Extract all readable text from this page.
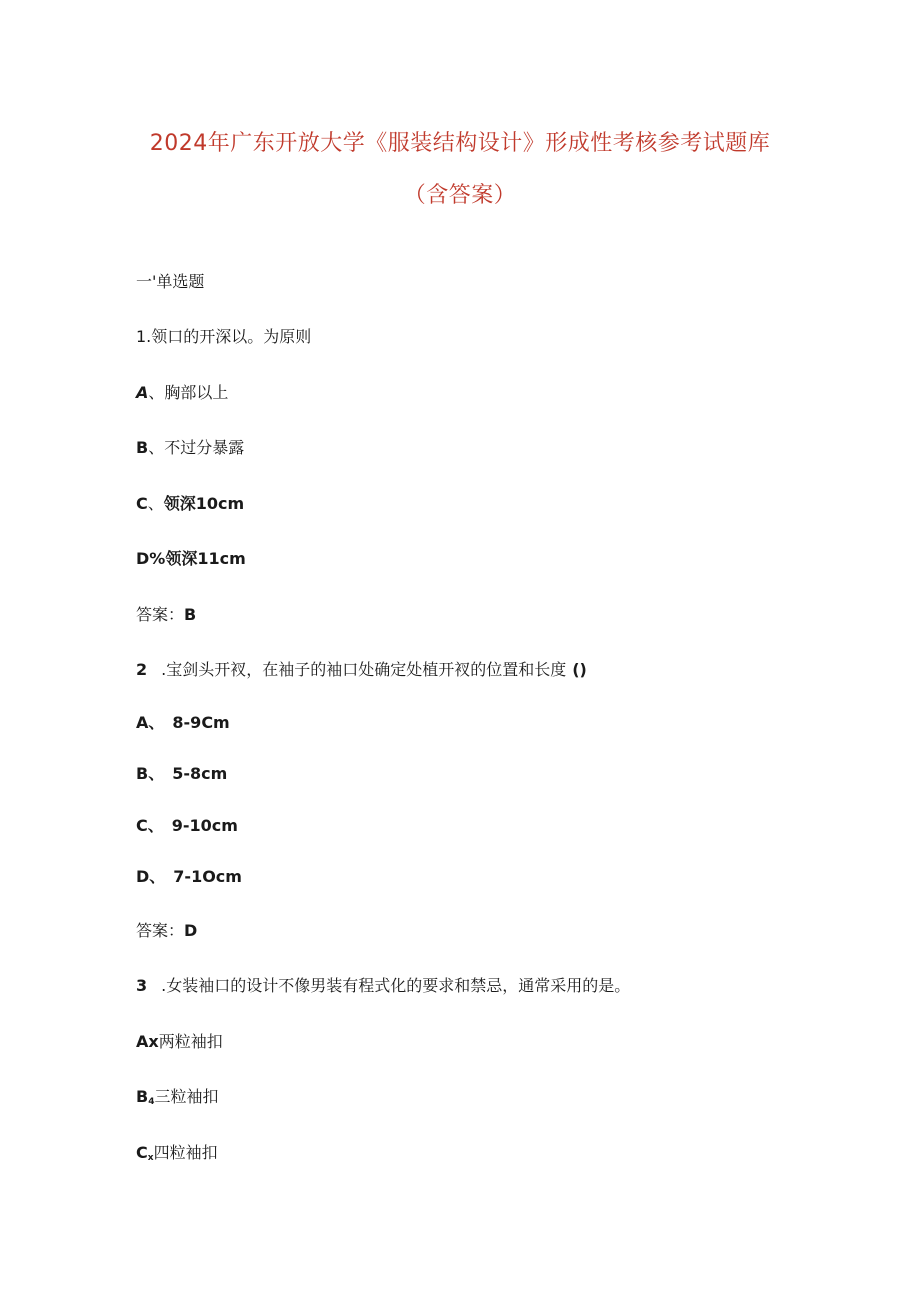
2024年广东开放大学《服装结构设计》形成性考核参考试题库
（含答案）
一'单选题
1.领口的开深以。为原则
A、胸部以上
B、不过分暴露
C、领深10cm
D%领深11cm
答案：B
2 .宝剑头开衩，在袖子的袖口处确定处植开衩的位置和长度 ()
A、 8-9Cm
B、 5-8cm
C、 9-10cm
D、 7-1Ocm
答案：D
3 .女装袖口的设计不像男装有程式化的要求和禁忌，通常采用的是。
Ax两粒袖扣
$B_4$三粒袖扣
$C_x$四粒袖扣
